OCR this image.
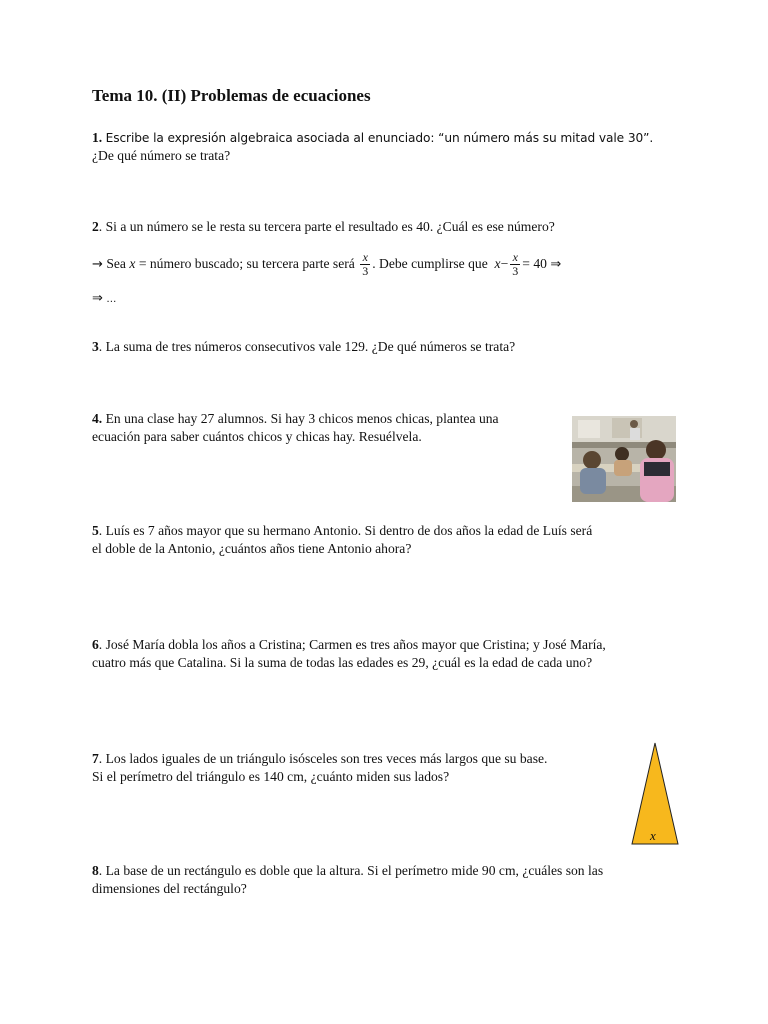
Tema 10. (II) Problemas de ecuaciones
1. Escribe la expresión algebraica asociada al enunciado: “un número más su mitad vale 30”.
¿De qué número se trata?
2. Si a un número se le resta su tercera parte el resultado es 40. ¿Cuál es ese número?
→ Sea x = número buscado; su tercera parte será $\frac{x}{3}$ . Debe cumplirse que $x- \frac{x}{3} = 40$ ⇒
⇒ …
3. La suma de tres números consecutivos vale 129. ¿De qué números se trata?
4. En una clase hay 27 alumnos. Si hay 3 chicos menos chicas, plantea una
ecuación para saber cuántos chicos y chicas hay. Resuélvela.
5. Luís es 7 años mayor que su hermano Antonio. Si dentro de dos años la edad de Luís será
el doble de la Antonio, ¿cuántos años tiene Antonio ahora?
6. José María dobla los años a Cristina; Carmen es tres años mayor que Cristina; y José María,
cuatro más que Catalina. Si la suma de todas las edades es 29, ¿cuál es la edad de cada uno?
7. Los lados iguales de un triángulo isósceles son tres veces más largos que su base.
Si el perímetro del triángulo es 140 cm, ¿cuánto miden sus lados?
x
8. La base de un rectángulo es doble que la altura. Si el perímetro mide 90 cm, ¿cuáles son las
dimensiones del rectángulo?
